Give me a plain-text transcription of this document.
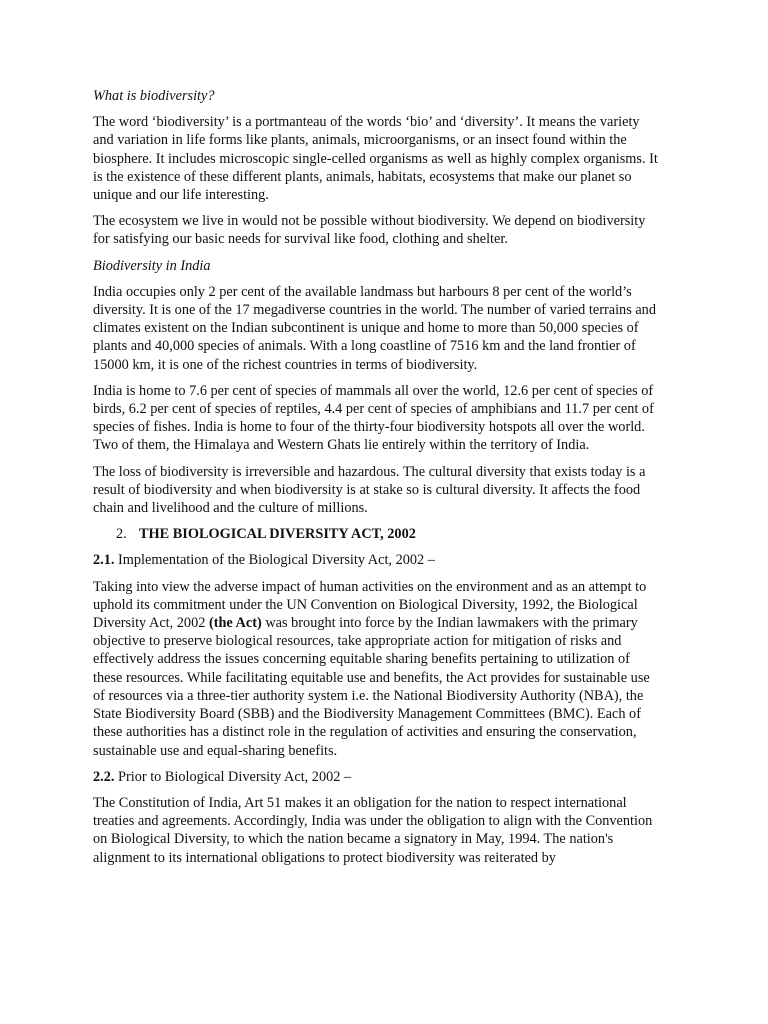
What is biodiversity?

The word ‘biodiversity’ is a portmanteau of the words ‘bio’ and ‘diversity’. It means the variety and variation in life forms like plants, animals, microorganisms, or an insect found within the biosphere. It includes microscopic single-celled organisms as well as highly complex organisms. It is the existence of these different plants, animals, habitats, ecosystems that make our planet so unique and our life interesting.

The ecosystem we live in would not be possible without biodiversity. We depend on biodiversity for satisfying our basic needs for survival like food, clothing and shelter.

Biodiversity in India

India occupies only 2 per cent of the available landmass but harbours 8 per cent of the world’s diversity. It is one of the 17 megadiverse countries in the world. The number of varied terrains and climates existent on the Indian subcontinent is unique and home to more than 50,000 species of plants and 40,000 species of animals. With a long coastline of 7516 km and the land frontier of 15000 km, it is one of the richest countries in terms of biodiversity.

India is home to 7.6 per cent of species of mammals all over the world, 12.6 per cent of species of birds, 6.2 per cent of species of reptiles, 4.4 per cent of species of amphibians and 11.7 per cent of species of fishes. India is home to four of the thirty-four biodiversity hotspots all over the world. Two of them, the Himalaya and Western Ghats lie entirely within the territory of India.

The loss of biodiversity is irreversible and hazardous. The cultural diversity that exists today is a result of biodiversity and when biodiversity is at stake so is cultural diversity. It affects the food chain and livelihood and the culture of millions.

2. THE BIOLOGICAL DIVERSITY ACT, 2002

2.1. Implementation of the Biological Diversity Act, 2002 –

Taking into view the adverse impact of human activities on the environment and as an attempt to uphold its commitment under the UN Convention on Biological Diversity, 1992, the Biological Diversity Act, 2002 (the Act) was brought into force by the Indian lawmakers with the primary objective to preserve biological resources, take appropriate action for mitigation of risks and effectively address the issues concerning equitable sharing benefits pertaining to utilization of these resources. While facilitating equitable use and benefits, the Act provides for sustainable use of resources via a three-tier authority system i.e. the National Biodiversity Authority (NBA), the State Biodiversity Board (SBB) and the Biodiversity Management Committees (BMC). Each of these authorities has a distinct role in the regulation of activities and ensuring the conservation, sustainable use and equal-sharing benefits.

2.2. Prior to Biological Diversity Act, 2002 –

The Constitution of India, Art 51 makes it an obligation for the nation to respect international treaties and agreements. Accordingly, India was under the obligation to align with the Convention on Biological Diversity, to which the nation became a signatory in May, 1994. The nation's alignment to its international obligations to protect biodiversity was reiterated by
